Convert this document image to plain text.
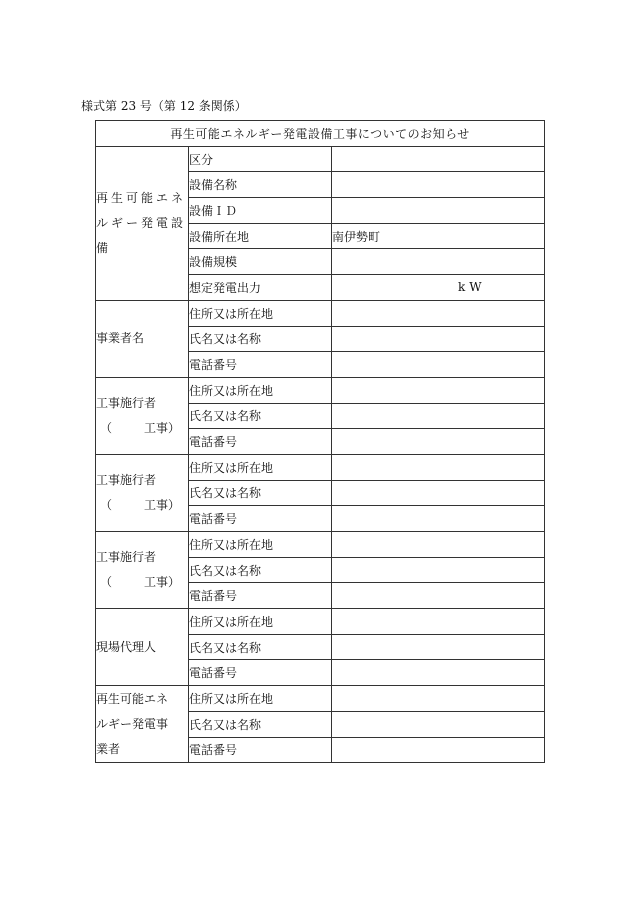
様式第 23 号（第 12 条関係）
再生可能エネルギー発電設備工事についてのお知らせ		

再生可能エネ
ルギー発電設
備	区分	
	設備名称	
	設備ＩＤ	
	設備所在地	南伊勢町
	設備規模	
	想定発電出力	kW
事業者名	住所又は所在地	
	氏名又は名称	
	電話番号	

工事施行者
（ 工事）	住所又は所在地	
	氏名又は名称	
	電話番号	

工事施行者
（ 工事）	住所又は所在地	
	氏名又は名称	
	電話番号	

工事施行者
（ 工事）	住所又は所在地	
	氏名又は名称	
	電話番号	
現場代理人	住所又は所在地	
	氏名又は名称	
	電話番号	

再生可能エネ
ルギー発電事
業者	住所又は所在地	
	氏名又は名称	
	電話番号	
